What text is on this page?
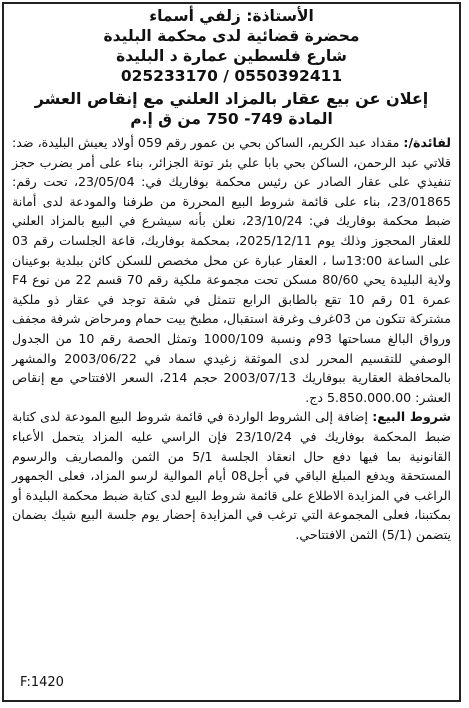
الأستاذة: زلفي أسماء
محضرة قضائية لدى محكمة البليدة
شارع فلسطين عمارة د البليدة
025233170 / 0550392411
إعلان عن بيع عقار بالمزاد العلني مع إنقاص العشر
المادة 749- 750 من ق إ.م

لفائدة/: مقداد عبد الكريم، الساكن بحي بن عمور رقم 059 أولاد يعيش البليدة، ضد: قلاتي عبد الرحمن، الساكن بحي بابا علي بئر توتة الجزائر، بناء على أمر بضرب حجز تنفيذي على عقار الصادر عن رئيس محكمة بوفاريك في: 23/05/04، تحت رقم: 23/01865، بناء على قائمة شروط البيع المحررة من طرفنا والمودعة لدى أمانة ضبط محكمة بوفاريك في: 23/10/24، نعلن بأنه سيشرع في البيع بالمزاد العلني للعقار المحجوز وذلك يوم 2025/12/11، بمحكمة بوفاريك، قاعة الجلسات رقم 03 على الساعة 13:00سا ، العقار عبارة عن محل مخصص للسكن كائن ببلدية بوعينان ولاية البليدة يحي 80/60 مسكن تحت مجموعة ملكية رقم 70 قسم 22 من نوع F4 عمرة 01 رقم 10 تقع بالطابق الرابع تتمثل في شقة توجد في عقار ذو ملكية مشتركة تتكون من 03غرف وغرفة استقبال، مطبخ بيت حمام ومرحاض شرفة مجفف ورواق البالغ مساحتها 93م ونسبة 1000/109 وتمثل الحصة رقم 10 من الجدول الوصفي للتقسيم المحرر لدى الموثقة زغيدي سماد في 2003/06/22 والمشهر بالمحافظة العقارية ببوفاريك 2003/07/13 حجم 214، السعر الافتتاحي مع إنقاص العشر: 5.850.000.00 دج.

شروط البيع: إضافة إلى الشروط الواردة في قائمة شروط البيع المودعة لدى كتابة ضبط المحكمة بوفاريك في 23/10/24 فإن الراسي عليه المزاد يتحمل الأعباء القانونية بما فيها دفع حال انعقاد الجلسة 5/1 من الثمن والمصاريف والرسوم المستحقة ويدفع المبلغ الباقي في أجل08 أيام الموالية لرسو المزاد، فعلى الجمهور الراغب في المزايدة الاطلاع على قائمة شروط البيع لدى كتابة ضبط محكمة البليدة أو بمكتبنا، فعلى المجموعة التي ترغب في المزايدة إحضار يوم جلسة البيع شيك بضمان يتضمن (5/1) الثمن الافتتاحي.

F:1420
